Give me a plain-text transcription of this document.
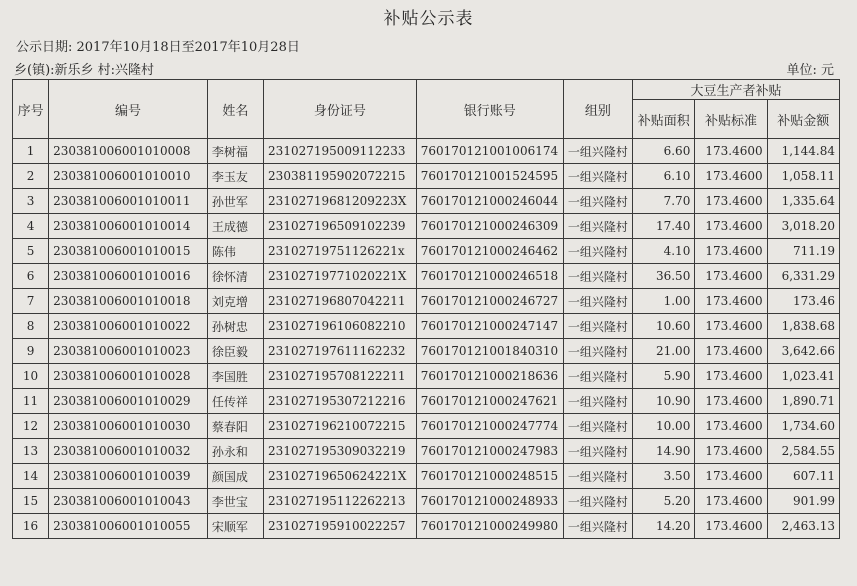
补贴公示表
公示日期: 2017年10月18日至2017年10月28日
乡(镇):新乐乡 村:兴隆村	单位: 元
序号	编号	姓名	身份证号	银行账号	组别	大豆生产者补贴		
						补贴面积	补贴标准	补贴金额
1	230381006001010008	李树福	231027195009112233	760170121001006174	一组兴隆村	6.60	173.4600	1,144.84
2	230381006001010010	李玉友	230381195902072215	760170121001524595	一组兴隆村	6.10	173.4600	1,058.11
3	230381006001010011	孙世军	23102719681209223X	760170121000246044	一组兴隆村	7.70	173.4600	1,335.64
4	230381006001010014	王成德	231027196509102239	760170121000246309	一组兴隆村	17.40	173.4600	3,018.20
5	230381006001010015	陈伟	23102719751126221x	760170121000246462	一组兴隆村	4.10	173.4600	711.19
6	230381006001010016	徐怀清	23102719771020221X	760170121000246518	一组兴隆村	36.50	173.4600	6,331.29
7	230381006001010018	刘克增	231027196807042211	760170121000246727	一组兴隆村	1.00	173.4600	173.46
8	230381006001010022	孙树忠	231027196106082210	760170121000247147	一组兴隆村	10.60	173.4600	1,838.68
9	230381006001010023	徐臣毅	231027197611162232	760170121001840310	一组兴隆村	21.00	173.4600	3,642.66
10	230381006001010028	李国胜	231027195708122211	760170121000218636	一组兴隆村	5.90	173.4600	1,023.41
11	230381006001010029	任传祥	231027195307212216	760170121000247621	一组兴隆村	10.90	173.4600	1,890.71
12	230381006001010030	蔡春阳	231027196210072215	760170121000247774	一组兴隆村	10.00	173.4600	1,734.60
13	230381006001010032	孙永和	231027195309032219	760170121000247983	一组兴隆村	14.90	173.4600	2,584.55
14	230381006001010039	颜国成	23102719650624221X	760170121000248515	一组兴隆村	3.50	173.4600	607.11
15	230381006001010043	李世宝	231027195112262213	760170121000248933	一组兴隆村	5.20	173.4600	901.99
16	230381006001010055	宋顺军	231027195910022257	760170121000249980	一组兴隆村	14.20	173.4600	2,463.13
